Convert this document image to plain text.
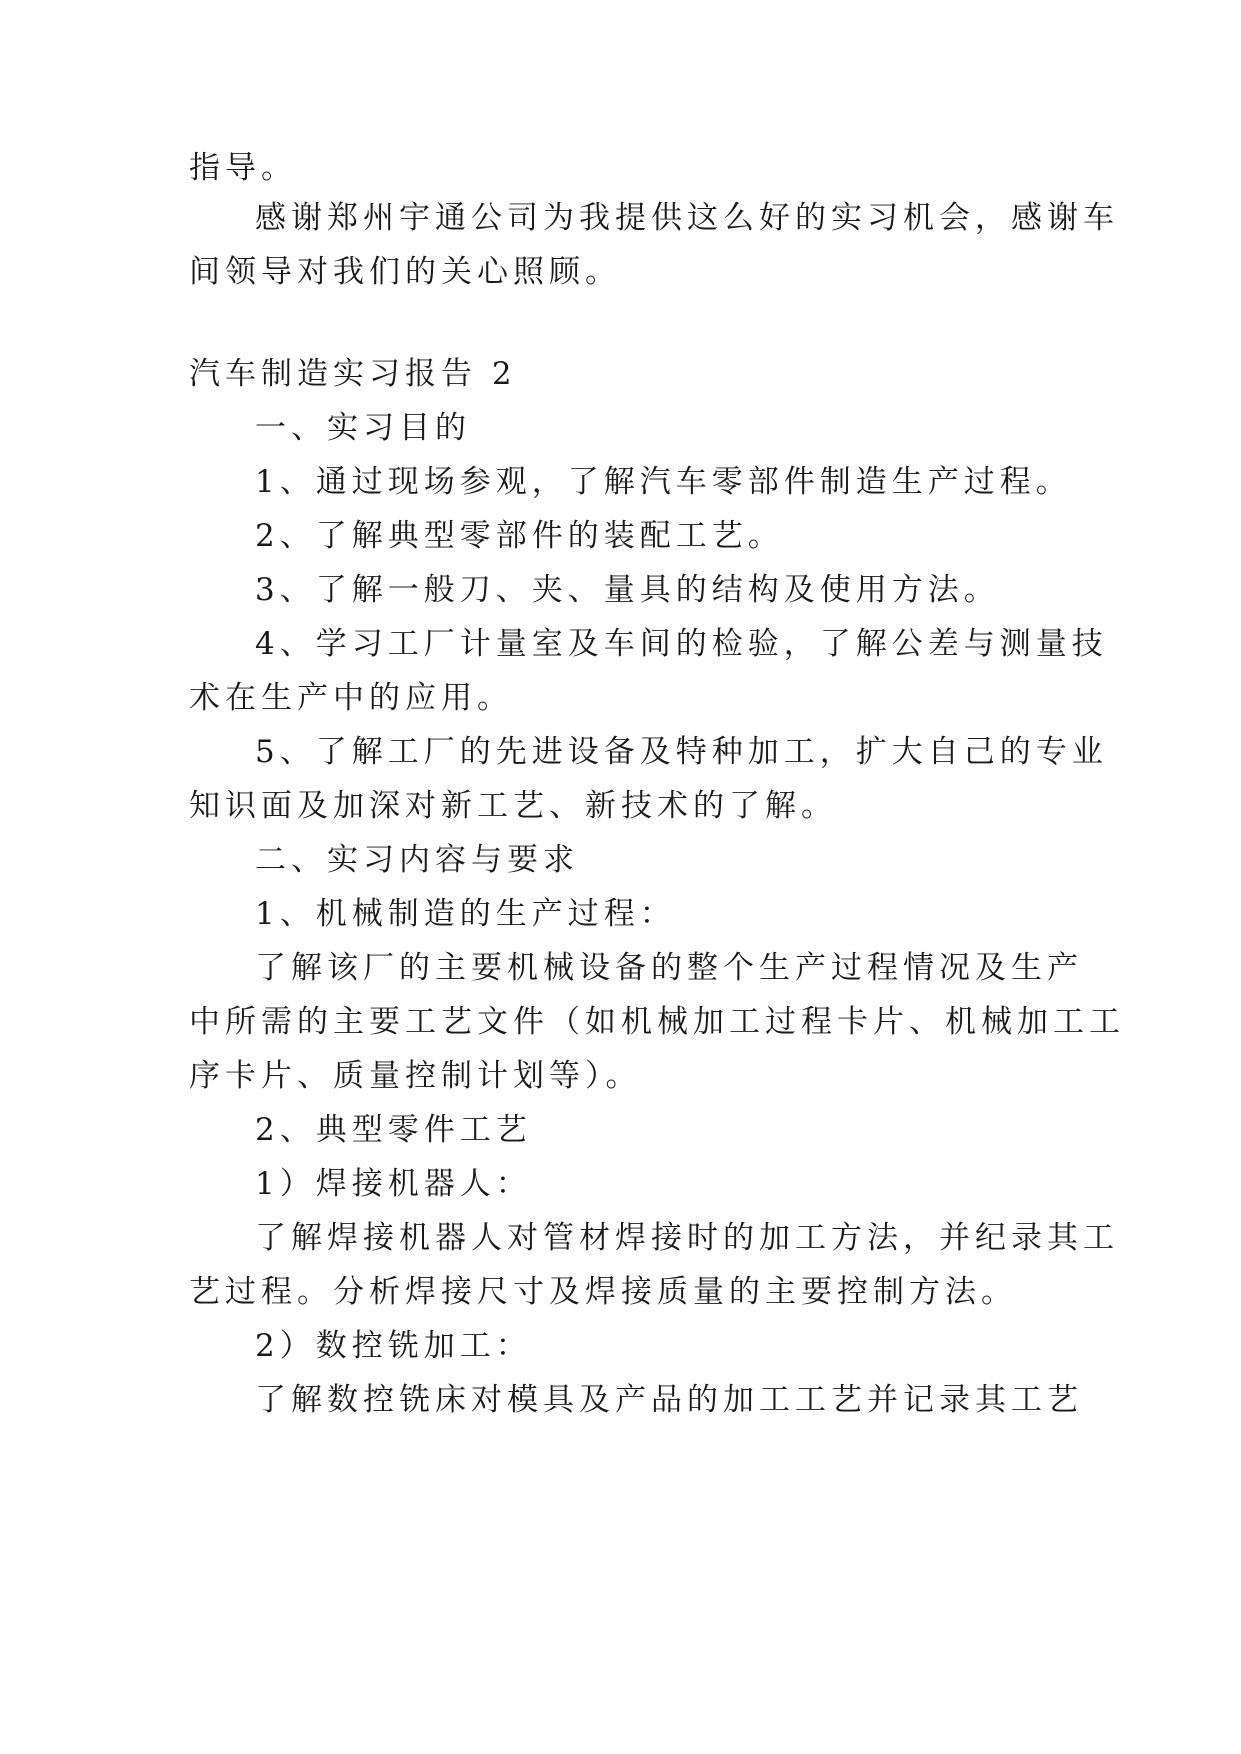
指导。
感谢郑州宇通公司为我提供这么好的实习机会，感谢车
间领导对我们的关心照顾。
汽车制造实习报告 2
一、实习目的
1、通过现场参观，了解汽车零部件制造生产过程。
2、了解典型零部件的装配工艺。
3、了解一般刀、夹、量具的结构及使用方法。
4、学习工厂计量室及车间的检验，了解公差与测量技
术在生产中的应用。
5、了解工厂的先进设备及特种加工，扩大自己的专业
知识面及加深对新工艺、新技术的了解。
二、实习内容与要求
1、机械制造的生产过程：
了解该厂的主要机械设备的整个生产过程情况及生产
中所需的主要工艺文件（如机械加工过程卡片、机械加工工
序卡片、质量控制计划等）。
2、典型零件工艺
1）焊接机器人：
了解焊接机器人对管材焊接时的加工方法，并纪录其工
艺过程。分析焊接尺寸及焊接质量的主要控制方法。
2）数控铣加工：
了解数控铣床对模具及产品的加工工艺并记录其工艺
